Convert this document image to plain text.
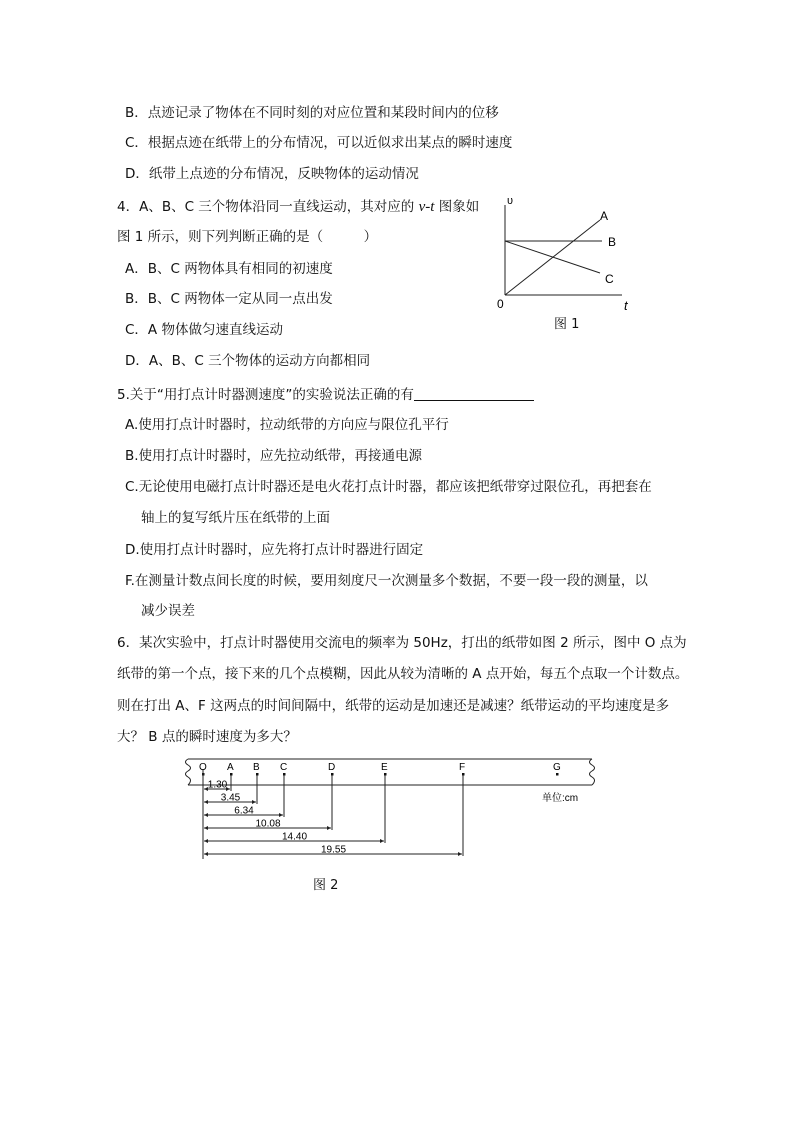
B．点迹记录了物体在不同时刻的对应位置和某段时间内的位移
C．根据点迹在纸带上的分布情况，可以近似求出某点的瞬时速度
D．纸带上点迹的分布情况，反映物体的运动情况
4．A、B、C 三个物体沿同一直线运动，其对应的 v-t 图象如
图 1 所示，则下列判断正确的是（　　　）
A．B、C 两物体具有相同的初速度
B．B、C 两物体一定从同一点出发
C．A 物体做匀速直线运动
D．A、B、C 三个物体的运动方向都相同
υ
t
0
A
B
C
图 1
5.关于“用打点计时器测速度”的实验说法正确的有
A.使用打点计时器时，拉动纸带的方向应与限位孔平行
B.使用打点计时器时，应先拉动纸带，再接通电源
C.无论使用电磁打点计时器还是电火花打点计时器，都应该把纸带穿过限位孔，再把套在
轴上的复写纸片压在纸带的上面
D.使用打点计时器时，应先将打点计时器进行固定
F.在测量计数点间长度的时候，要用刻度尺一次测量多个数据，不要一段一段的测量，以
减少误差
6．某次实验中，打点计时器使用交流电的频率为 50Hz，打出的纸带如图 2 所示，图中 O 点为
纸带的第一个点，接下来的几个点模糊，因此从较为清晰的 A 点开始，每五个点取一个计数点。
则在打出 A、F 这两点的时间间隔中，纸带的运动是加速还是减速？纸带运动的平均速度是多
大？ B 点的瞬时速度为多大？
O A B C	D	E	F	G
1.30
3.45
6.34
10.08
14.40
19.55
单位:cm
图 2
